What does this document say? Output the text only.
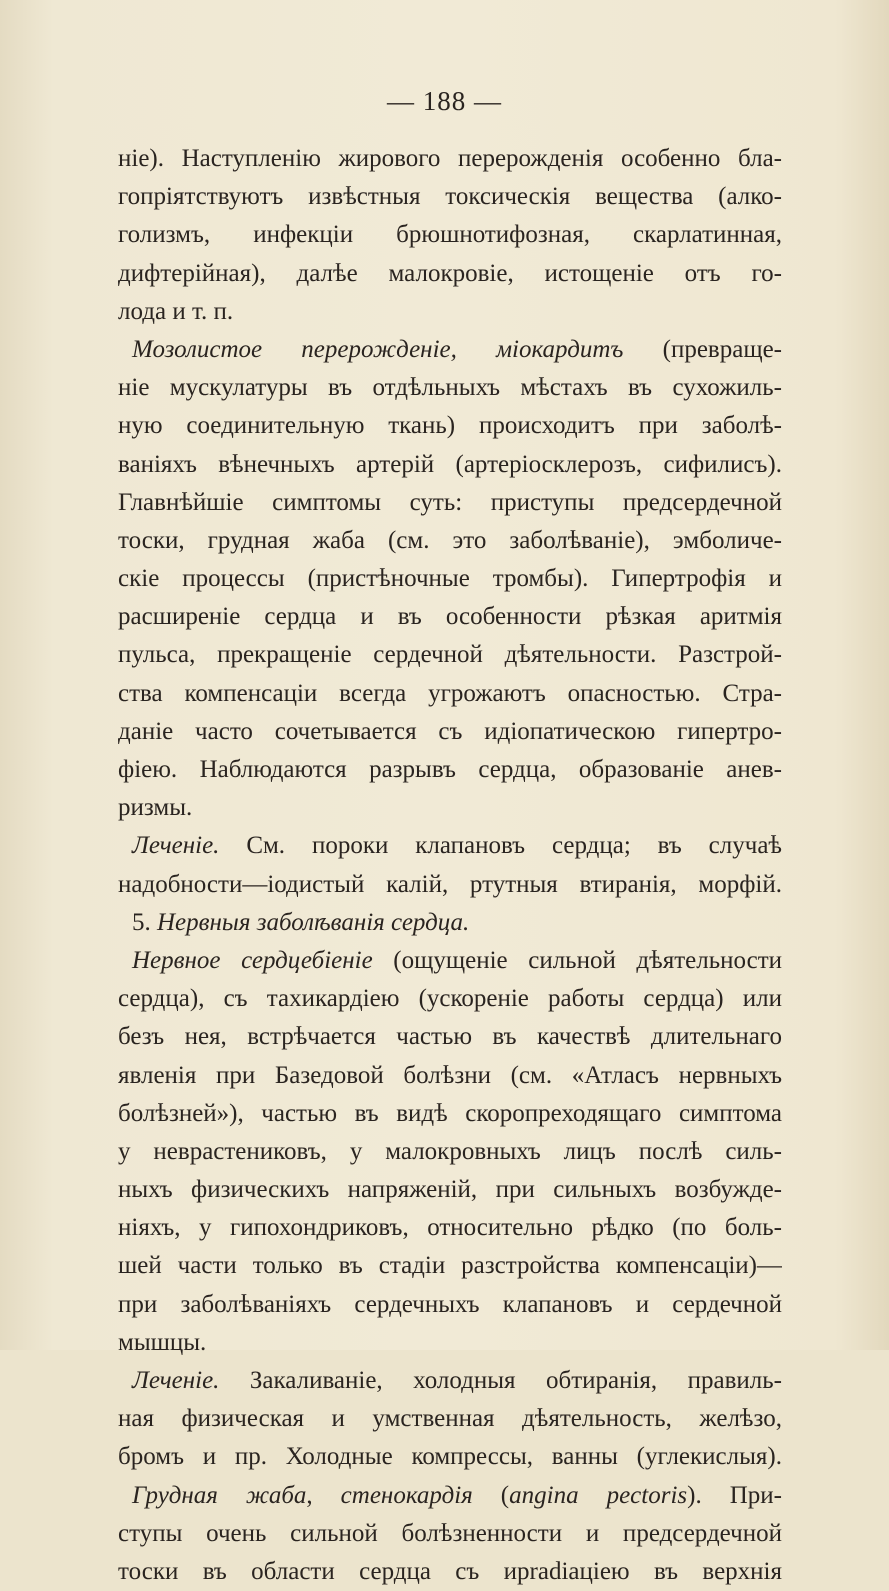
— 188 —
ніе). Наступленію жирового перерожденія особенно бла-
гопріятствуютъ извѣстныя токсическія вещества (алко-
голизмъ, инфекціи брюшнотифозная, скарлатинная,
дифтерійная), далѣе малокровіе, истощеніе отъ го-
лода и т. п.
Мозолистое перерожденіе, міокардитъ (превраще-
ніе мускулатуры въ отдѣльныхъ мѣстахъ въ сухожиль-
ную соединительную ткань) происходитъ при заболѣ-
ваніяхъ вѣнечныхъ артерій (артеріосклерозъ, сифилисъ).
Главнѣйшіе симптомы суть: приступы предсердечной
тоски, грудная жаба (см. это заболѣваніе), эмболиче-
скіе процессы (пристѣночные тромбы). Гипертрофія и
расширеніе сердца и въ особенности рѣзкая аритмія
пульса, прекращеніе сердечной дѣятельности. Разстрой-
ства компенсаціи всегда угрожаютъ опасностью. Стра-
даніе часто сочетывается съ идіопатическою гипертро-
фіею. Наблюдаются разрывъ сердца, образованіе анев-
ризмы.
Леченіе. См. пороки клапановъ сердца; въ случаѣ
надобности—іодистый калій, ртутныя втиранія, морфій.
5. Нервныя заболѣванія сердца.
Нервное сердцебіеніе (ощущеніе сильной дѣятельности
сердца), съ тахикардіею (ускореніе работы сердца) или
безъ нея, встрѣчается частью въ качествѣ длительнаго
явленія при Базедовой болѣзни (см. «Атласъ нервныхъ
болѣзней»), частью въ видѣ скоропреходящаго симптома
у неврастениковъ, у малокровныхъ лицъ послѣ силь-
ныхъ физическихъ напряженій, при сильныхъ возбужде-
ніяхъ, у гипохондриковъ, относительно рѣдко (по боль-
шей части только въ стадіи разстройства компенсаціи)—
при заболѣваніяхъ сердечныхъ клапановъ и сердечной
мышцы.
Леченіе. Закаливаніе, холодныя обтиранія, правиль-
ная физическая и умственная дѣятельность, желѣзо,
бромъ и пр. Холодные компрессы, ванны (углекислыя).
Грудная жаба, стенокардія (angina pectoris). При-
ступы очень сильной болѣзненности и предсердечной
тоски въ области сердца съ ирradіаціею въ верхнія
